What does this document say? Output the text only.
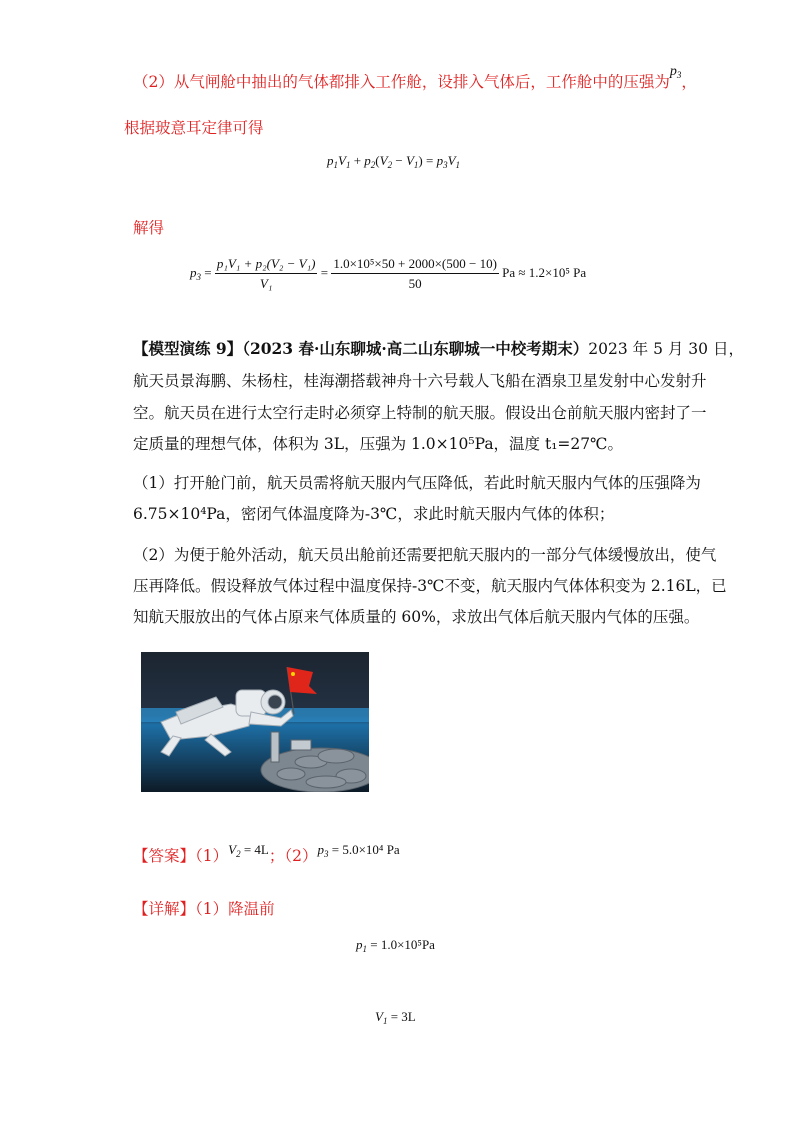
（2）从气闸舱中抽出的气体都排入工作舱，设排入气体后，工作舱中的压强为$p_3$，
根据玻意耳定律可得
$p_1V_1 + p_2(V_2 - V_1) = p_3V_1$
解得
$p_3 = \frac{\text{p₁V₁ + p₂(V₂ − V₁)}}{\text{V₁}} = \frac{\text{1.0×10⁵×50 + 2000×(500 − 10)}}{50}$ Pa ≈ 1.2×10⁵ Pa
【模型演练 9】（2023 春·山东聊城·高二山东聊城一中校考期末）2023 年 5 月 30 日，
航天员景海鹏、朱杨柱，桂海潮搭载神舟十六号载人飞船在酒泉卫星发射中心发射升
空。航天员在进行太空行走时必须穿上特制的航天服。假设出仓前航天服内密封了一
定质量的理想气体，体积为 3L，压强为 1.0×10⁵Pa，温度 t₁=27℃。
（1）打开舱门前，航天员需将航天服内气压降低，若此时航天服内气体的压强降为
6.75×10⁴Pa，密闭气体温度降为-3℃，求此时航天服内气体的体积；
（2）为便于舱外活动，航天员出舱前还需要把航天服内的一部分气体缓慢放出，使气
压再降低。假设释放气体过程中温度保持-3℃不变，航天服内气体体积变为 2.16L，已
知航天服放出的气体占原来气体质量的 60%，求放出气体后航天服内气体的压强。
【答案】$(1)^{V_2 = 4L}$；$(2)^{p_3 = 5.0\times 10^4 Pa}$
【详解】（1）降温前
$p_1 = 1.0\times 10^5Pa$
$V_1 = 3L$
